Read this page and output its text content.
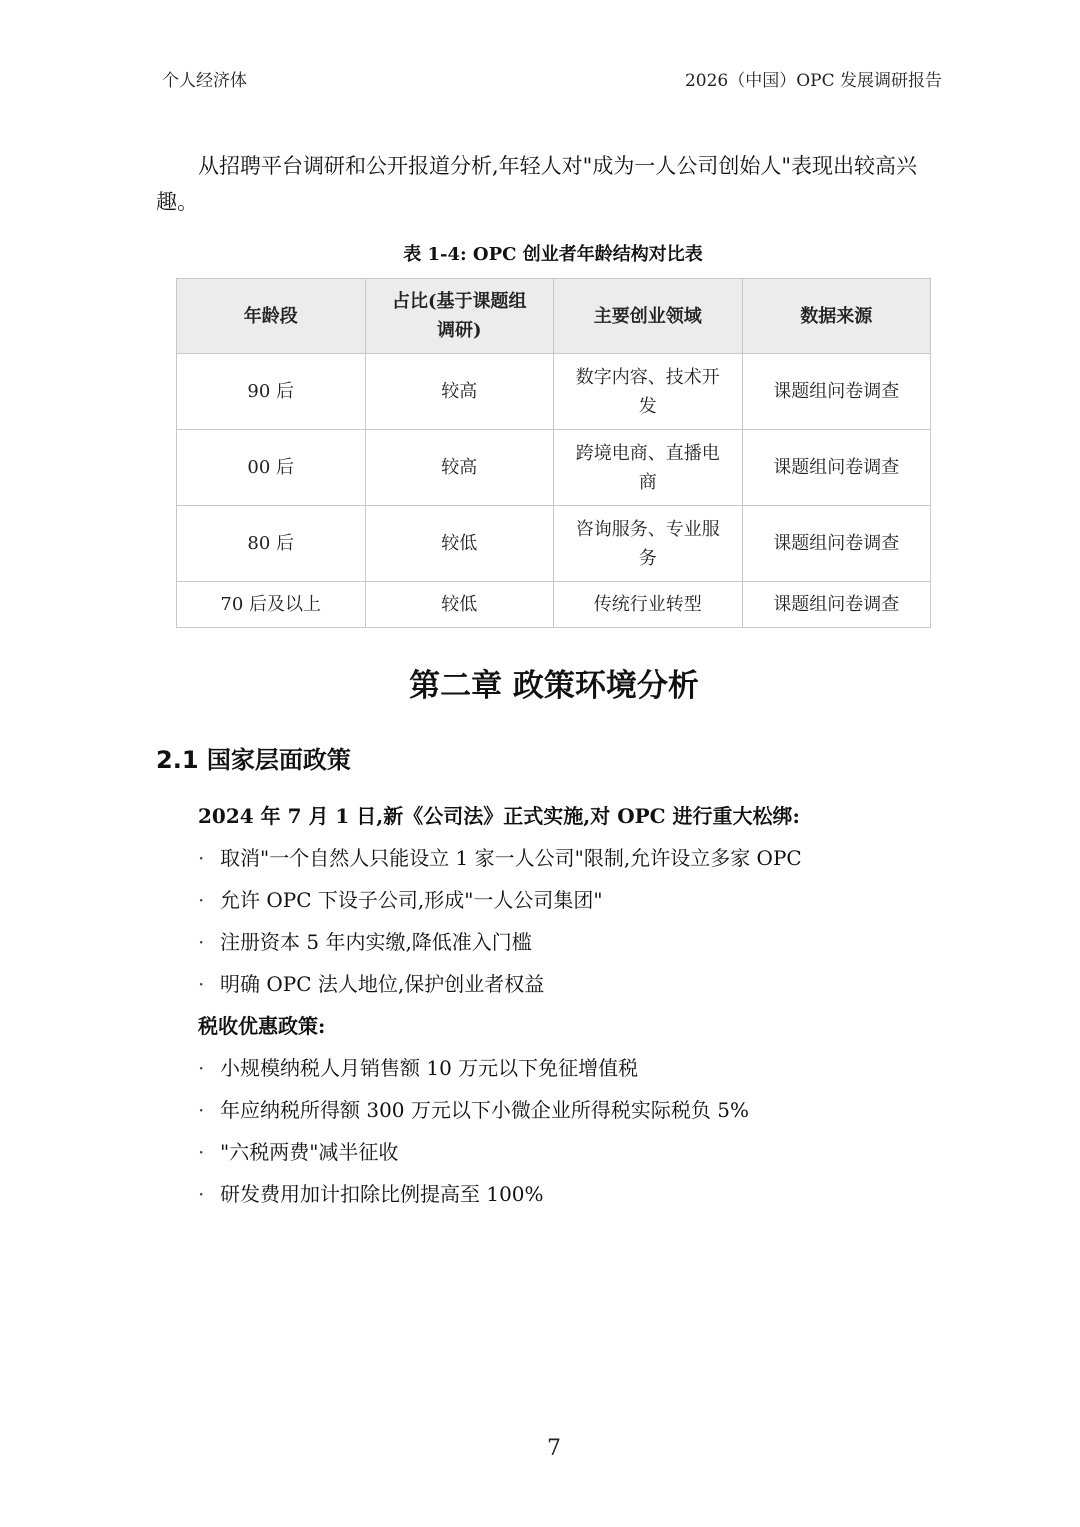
个人经济体	2026（中国）OPC 发展调研报告
从招聘平台调研和公开报道分析,年轻人对"成为一人公司创始人"表现出较高兴
趣。
表 1-4: OPC 创业者年龄结构对比表
年龄段	占比(基于课题组调研)	主要创业领域	数据来源
90 后	较高	数字内容、技术开发	课题组问卷调查
00 后	较高	跨境电商、直播电商	课题组问卷调查
80 后	较低	咨询服务、专业服务	课题组问卷调查
70 后及以上	较低	传统行业转型	课题组问卷调查
第二章 政策环境分析
2.1 国家层面政策
2024 年 7 月 1 日,新《公司法》正式实施,对 OPC 进行重大松绑:
· 取消"一个自然人只能设立 1 家一人公司"限制,允许设立多家 OPC
· 允许 OPC 下设子公司,形成"一人公司集团"
· 注册资本 5 年内实缴,降低准入门槛
· 明确 OPC 法人地位,保护创业者权益
税收优惠政策:
· 小规模纳税人月销售额 10 万元以下免征增值税
· 年应纳税所得额 300 万元以下小微企业所得税实际税负 5%
· "六税两费"减半征收
· 研发费用加计扣除比例提高至 100%
7
